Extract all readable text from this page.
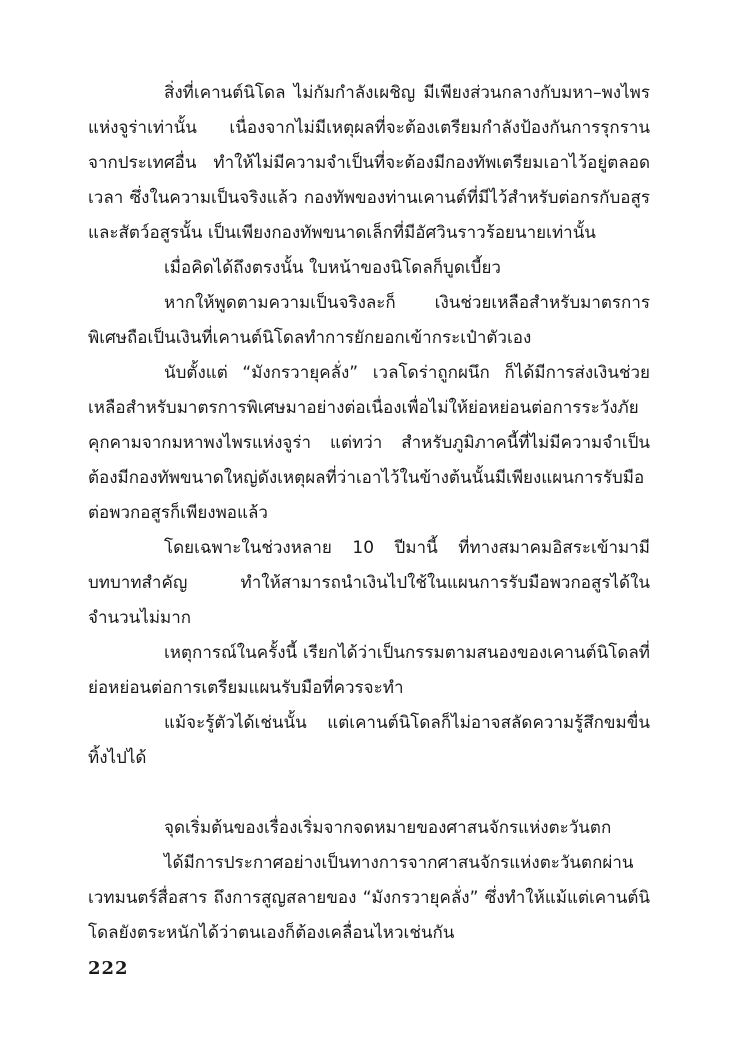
สิ่งที่เคานต์นิโดล ไม่กัมกำลังเผชิญ มีเพียงส่วนกลางกับมหา–พงไพรแห่งจูร่าเท่านั้น เนื่องจากไม่มีเหตุผลที่จะต้องเตรียมกำลังป้องกันการรุกรานจากประเทศอื่น ทำให้ไม่มีความจำเป็นที่จะต้องมีกองทัพเตรียมเอาไว้อยู่ตลอดเวลา ซึ่งในความเป็นจริงแล้ว กองทัพของท่านเคานต์ที่มีไว้สำหรับต่อกรกับอสูรและสัตว์อสูรนั้น เป็นเพียงกองทัพขนาดเล็กที่มีอัศวินราวร้อยนายเท่านั้น

เมื่อคิดได้ถึงตรงนั้น ใบหน้าของนิโดลก็บูดเบี้ยว

หากให้พูดตามความเป็นจริงละก็ เงินช่วยเหลือสำหรับมาตรการพิเศษถือเป็นเงินที่เคานต์นิโดลทำการยักยอกเข้ากระเป๋าตัวเอง

นับตั้งแต่ “มังกรวายุคลั่ง” เวลโดร่าถูกผนึก ก็ได้มีการส่งเงินช่วยเหลือสำหรับมาตรการพิเศษมาอย่างต่อเนื่องเพื่อไม่ให้ย่อหย่อนต่อการระวังภัยคุกคามจากมหาพงไพรแห่งจูร่า แต่ทว่า สำหรับภูมิภาคนี้ที่ไม่มีความจำเป็นต้องมีกองทัพขนาดใหญ่ดังเหตุผลที่ว่าเอาไว้ในข้างต้นนั้นมีเพียงแผนการรับมือต่อพวกอสูรก็เพียงพอแล้ว

โดยเฉพาะในช่วงหลาย 10 ปีมานี้ ที่ทางสมาคมอิสระเข้ามามีบทบาทสำคัญ ทำให้สามารถนำเงินไปใช้ในแผนการรับมือพวกอสูรได้ในจำนวนไม่มาก

เหตุการณ์ในครั้งนี้ เรียกได้ว่าเป็นกรรมตามสนองของเคานต์นิโดลที่ย่อหย่อนต่อการเตรียมแผนรับมือที่ควรจะทำ

แม้จะรู้ตัวได้เช่นนั้น แต่เคานต์นิโดลก็ไม่อาจสลัดความรู้สึกขมขื่นทิ้งไปได้

จุดเริ่มต้นของเรื่องเริ่มจากจดหมายของศาสนจักรแห่งตะวันตก

ได้มีการประกาศอย่างเป็นทางการจากศาสนจักรแห่งตะวันตกผ่านเวทมนตร์สื่อสาร ถึงการสูญสลายของ “มังกรวายุคลั่ง” ซึ่งทำให้แม้แต่เคานต์นิโดลยังตระหนักได้ว่าตนเองก็ต้องเคลื่อนไหวเช่นกัน

222
